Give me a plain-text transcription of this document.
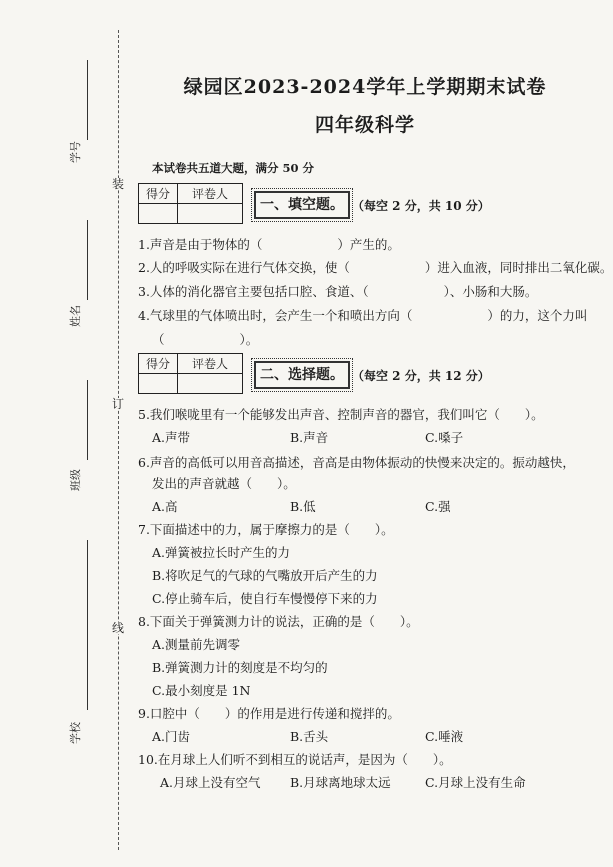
装
订
线
学号
姓名
班级
学校
绿园区2023-2024学年上学期期末试卷
四年级科学
本试卷共五道大题，满分 50 分
得分	评卷人

一、填空题。 （每空 2 分，共 10 分）
1.声音是由于物体的（　　　　　　）产生的。
2.人的呼吸实际在进行气体交换，使（　　　　　　）进入血液，同时排出二氧化碳。
3.人体的消化器官主要包括口腔、食道、（　　　　　　）、小肠和大肠。
4.气球里的气体喷出时，会产生一个和喷出方向（　　　　　　）的力，这个力叫
（　　　　　　）。
得分	评卷人

二、选择题。 （每空 2 分，共 12 分）
5.我们喉咙里有一个能够发出声音、控制声音的器官，我们叫它（　　）。
A.声带	B.声音	C.嗓子
6.声音的高低可以用音高描述，音高是由物体振动的快慢来决定的。振动越快，
发出的声音就越（　　）。
A.高	B.低	C.强
7.下面描述中的力，属于摩擦力的是（　　）。
A.弹簧被拉长时产生的力
B.将吹足气的气球的气嘴放开后产生的力
C.停止骑车后，使自行车慢慢停下来的力
8.下面关于弹簧测力计的说法，正确的是（　　）。
A.测量前先调零
B.弹簧测力计的刻度是不均匀的
C.最小刻度是 1N
9.口腔中（　　）的作用是进行传递和搅拌的。
A.门齿	B.舌头	C.唾液
10.在月球上人们听不到相互的说话声，是因为（　　）。
A.月球上没有空气 B.月球离地球太远	C.月球上没有生命
